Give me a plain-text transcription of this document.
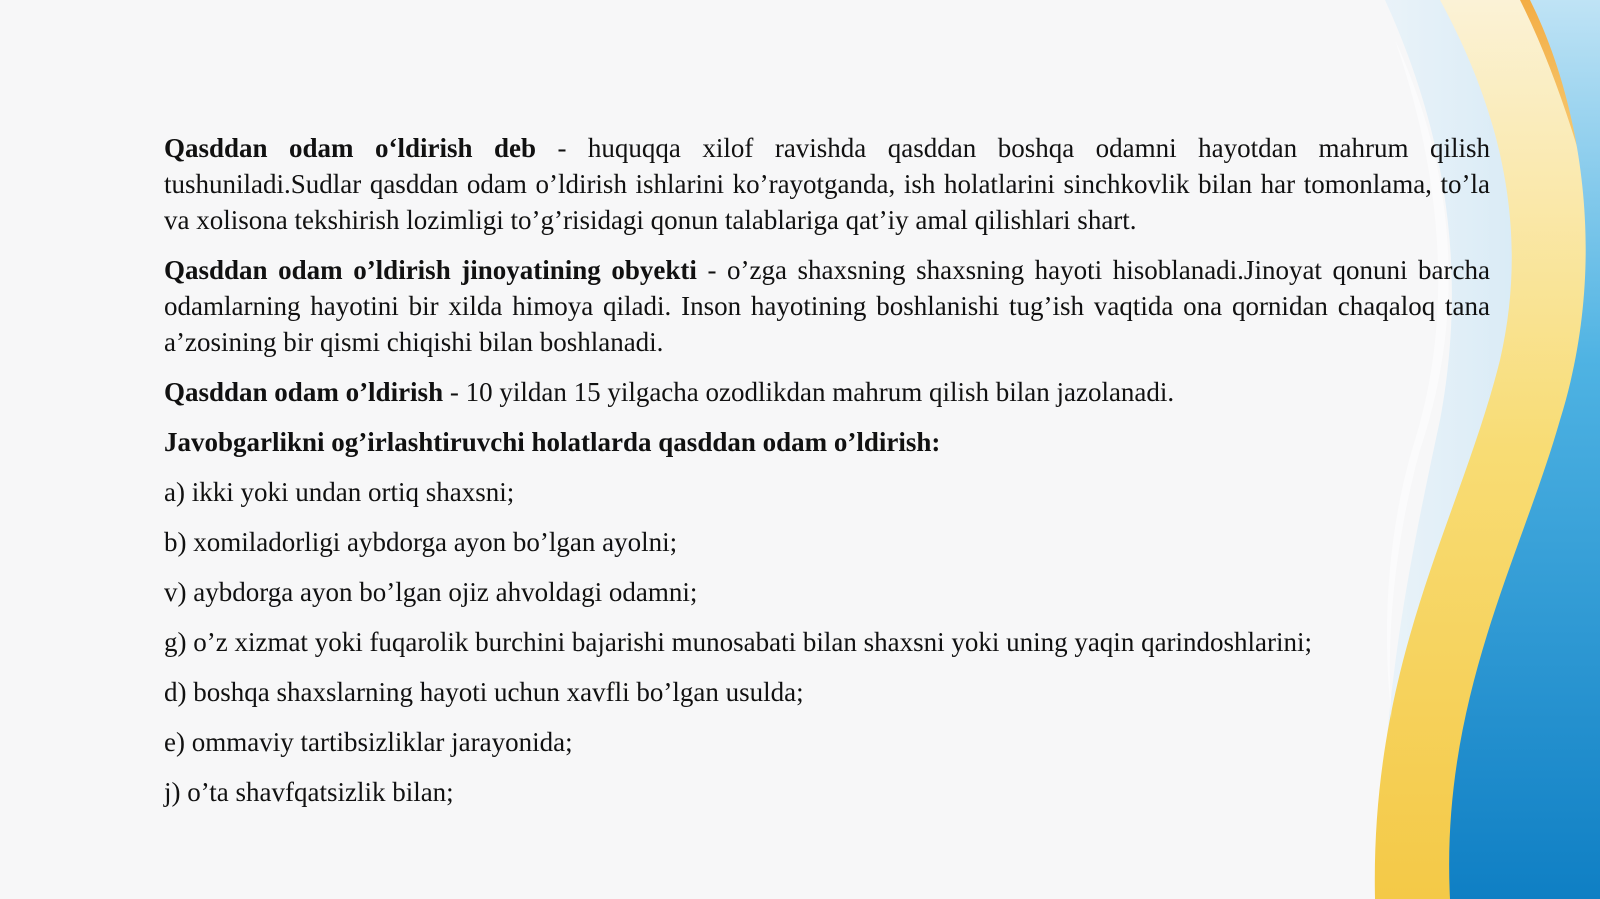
Qasddan odam o‘ldirish deb - huquqqa xilof ravishda qasddan boshqa odamni hayotdan mahrum qilish tushuniladi.Sudlar qasddan odam o’ldirish ishlarini ko’rayotganda, ish holatlarini sinchkovlik bilan har tomonlama, to’la va xolisona tekshirish lozimligi to’g’risidagi qonun talablariga qat’iy amal qilishlari shart.

Qasddan odam o’ldirish jinoyatining obyekti - o’zga shaxsning shaxsning hayoti hisoblanadi.Jinoyat qonuni barcha odamlarning hayotini bir xilda himoya qiladi. Inson hayotining boshlanishi tug’ish vaqtida ona qornidan chaqaloq tana a’zosining bir qismi chiqishi bilan boshlanadi.

Qasddan odam o’ldirish - 10 yildan 15 yilgacha ozodlikdan mahrum qilish bilan jazolanadi.

Javobgarlikni og’irlashtiruvchi holatlarda qasddan odam o’ldirish:

a) ikki yoki undan ortiq shaxsni;

b) xomiladorligi aybdorga ayon bo’lgan ayolni;

v) aybdorga ayon bo’lgan ojiz ahvoldagi odamni;

g) o’z xizmat yoki fuqarolik burchini bajarishi munosabati bilan shaxsni yoki uning yaqin qarindoshlarini;

d) boshqa shaxslarning hayoti uchun xavfli bo’lgan usulda;

e) ommaviy tartibsizliklar jarayonida;

j) o’ta shavfqatsizlik bilan;
